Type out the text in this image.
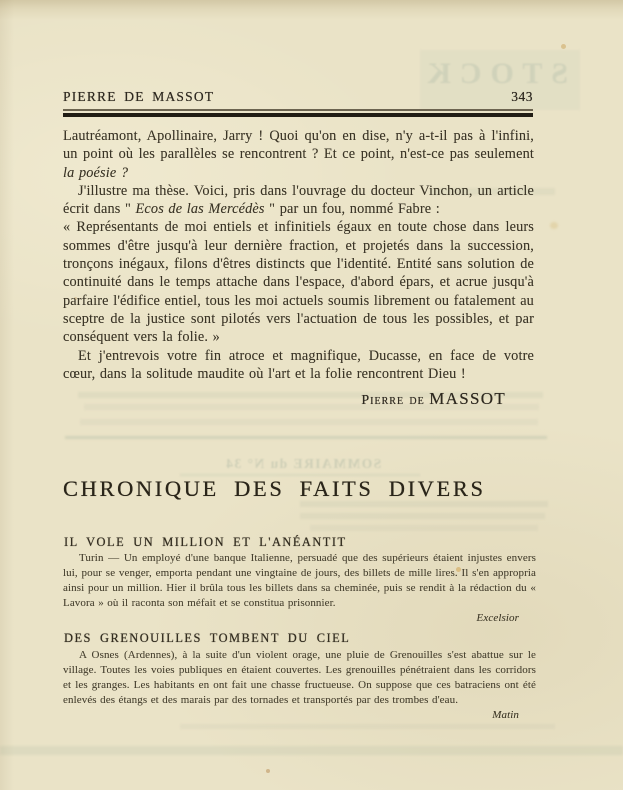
STOCK
SOMMAIRE du N° 34
PIERRE DE MASSOT	343

Lautréamont, Apollinaire, Jarry ! Quoi qu'on en dise, n'y a-t-il pas à l'infini, un point où les parallèles se rencontrent ? Et ce point, n'est-ce pas seulement la poésie ?

J'illustre ma thèse. Voici, pris dans l'ouvrage du docteur Vinchon, un article écrit dans " Ecos de las Mercédès " par un fou, nommé Fabre :

« Représentants de moi entiels et infinitiels égaux en toute chose dans leurs sommes d'être jusqu'à leur dernière fraction, et projetés dans la succession, tronçons inégaux, filons d'êtres distincts que l'identité. Entité sans solution de continuité dans le temps attache dans l'espace, d'abord épars, et acrue jusqu'à parfaire l'édifice entiel, tous les moi actuels soumis librement ou fatalement au sceptre de la justice sont pilotés vers l'actuation de tous les possibles, et par conséquent vers la folie. »

Et j'entrevois votre fin atroce et magnifique, Ducasse, en face de votre cœur, dans la solitude maudite où l'art et la folie rencontrent Dieu !

Pierre de MASSOT
CHRONIQUE DES FAITS DIVERS
IL VOLE UN MILLION ET L'ANÉANTIT

Turin — Un employé d'une banque Italienne, persuadé que des supérieurs étaient injustes envers lui, pour se venger, emporta pendant une vingtaine de jours, des billets de mille lires. Il s'en appropria ainsi pour un million. Hier il brûla tous les billets dans sa cheminée, puis se rendit à la rédaction du « Lavora » où il raconta son méfait et se constitua prisonnier.

Excelsior

DES GRENOUILLES TOMBENT DU CIEL

A Osnes (Ardennes), à la suite d'un violent orage, une pluie de Grenouilles s'est abattue sur le village. Toutes les voies publiques en étaient couvertes. Les grenouilles pénétraient dans les corridors et les granges. Les habitants en ont fait une chasse fructueuse. On suppose que ces batraciens ont été enlevés des étangs et des marais par des tornades et transportés par des trombes d'eau.

Matin
